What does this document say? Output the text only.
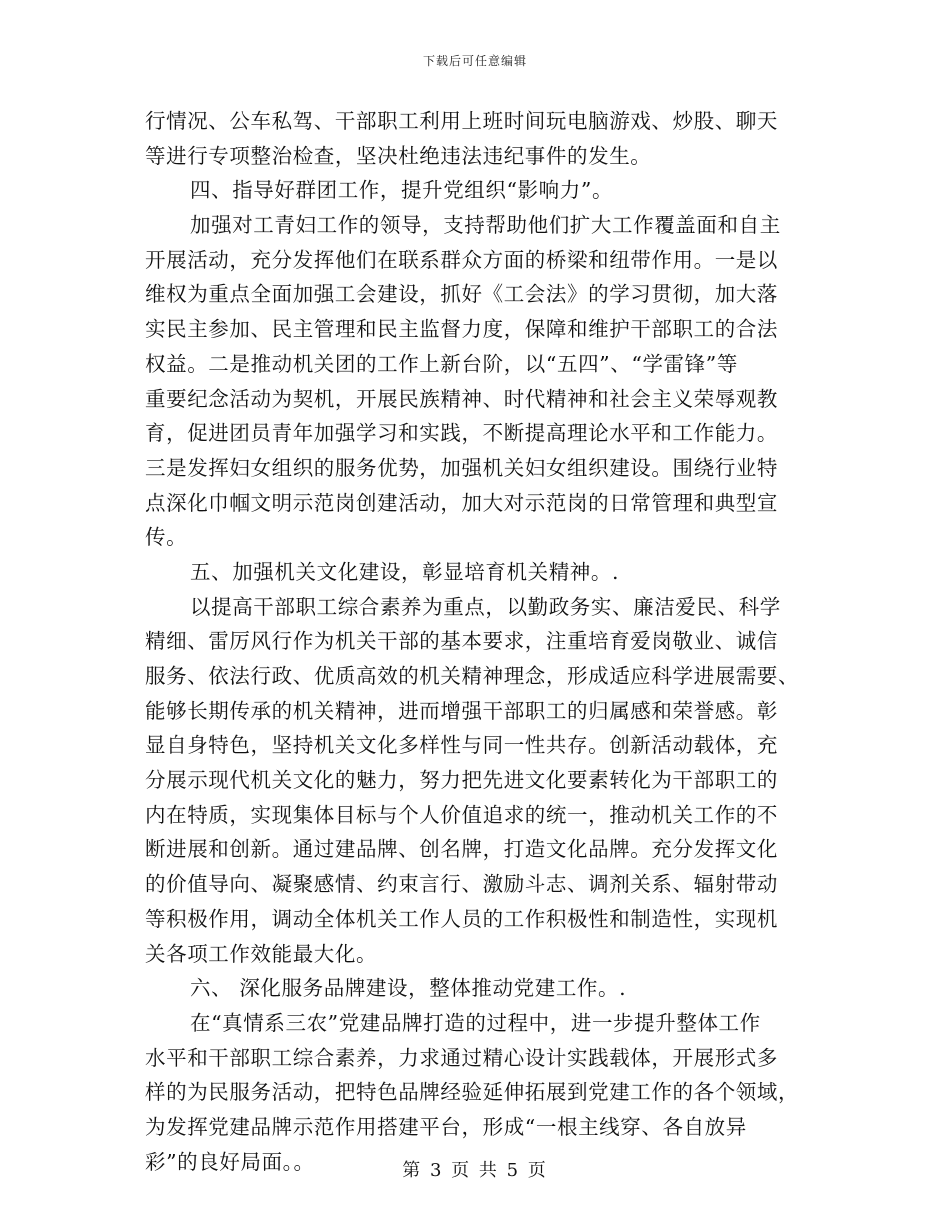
下载后可任意编辑
行情况、公车私驾、干部职工利用上班时间玩电脑游戏、炒股、聊天
等进行专项整治检查，坚决杜绝违法违纪事件的发生。
四、指导好群团工作，提升党组织“影响力”。
加强对工青妇工作的领导，支持帮助他们扩大工作覆盖面和自主
开展活动，充分发挥他们在联系群众方面的桥梁和纽带作用。一是以
维权为重点全面加强工会建设，抓好《工会法》的学习贯彻，加大落
实民主参加、民主管理和民主监督力度，保障和维护干部职工的合法
权益。二是推动机关团的工作上新台阶，以“五四”、“学雷锋”等
重要纪念活动为契机，开展民族精神、时代精神和社会主义荣辱观教
育，促进团员青年加强学习和实践，不断提高理论水平和工作能力。
三是发挥妇女组织的服务优势，加强机关妇女组织建设。围绕行业特
点深化巾帼文明示范岗创建活动，加大对示范岗的日常管理和典型宣
传。
五、加强机关文化建设，彰显培育机关精神。.
以提高干部职工综合素养为重点，以勤政务实、廉洁爱民、科学
精细、雷厉风行作为机关干部的基本要求，注重培育爱岗敬业、诚信
服务、依法行政、优质高效的机关精神理念，形成适应科学进展需要、
能够长期传承的机关精神，进而增强干部职工的归属感和荣誉感。彰
显自身特色，坚持机关文化多样性与同一性共存。创新活动载体，充
分展示现代机关文化的魅力，努力把先进文化要素转化为干部职工的
内在特质，实现集体目标与个人价值追求的统一，推动机关工作的不
断进展和创新。通过建品牌、创名牌，打造文化品牌。充分发挥文化
的价值导向、凝聚感情、约束言行、激励斗志、调剂关系、辐射带动
等积极作用，调动全体机关工作人员的工作积极性和制造性，实现机
关各项工作效能最大化。
六、 深化服务品牌建设，整体推动党建工作。.
在“真情系三农”党建品牌打造的过程中，进一步提升整体工作
水平和干部职工综合素养，力求通过精心设计实践载体，开展形式多
样的为民服务活动，把特色品牌经验延伸拓展到党建工作的各个领域，
为发挥党建品牌示范作用搭建平台，形成“一根主线穿、各自放异
彩”的良好局面。。	第 3 页 共 5 页
